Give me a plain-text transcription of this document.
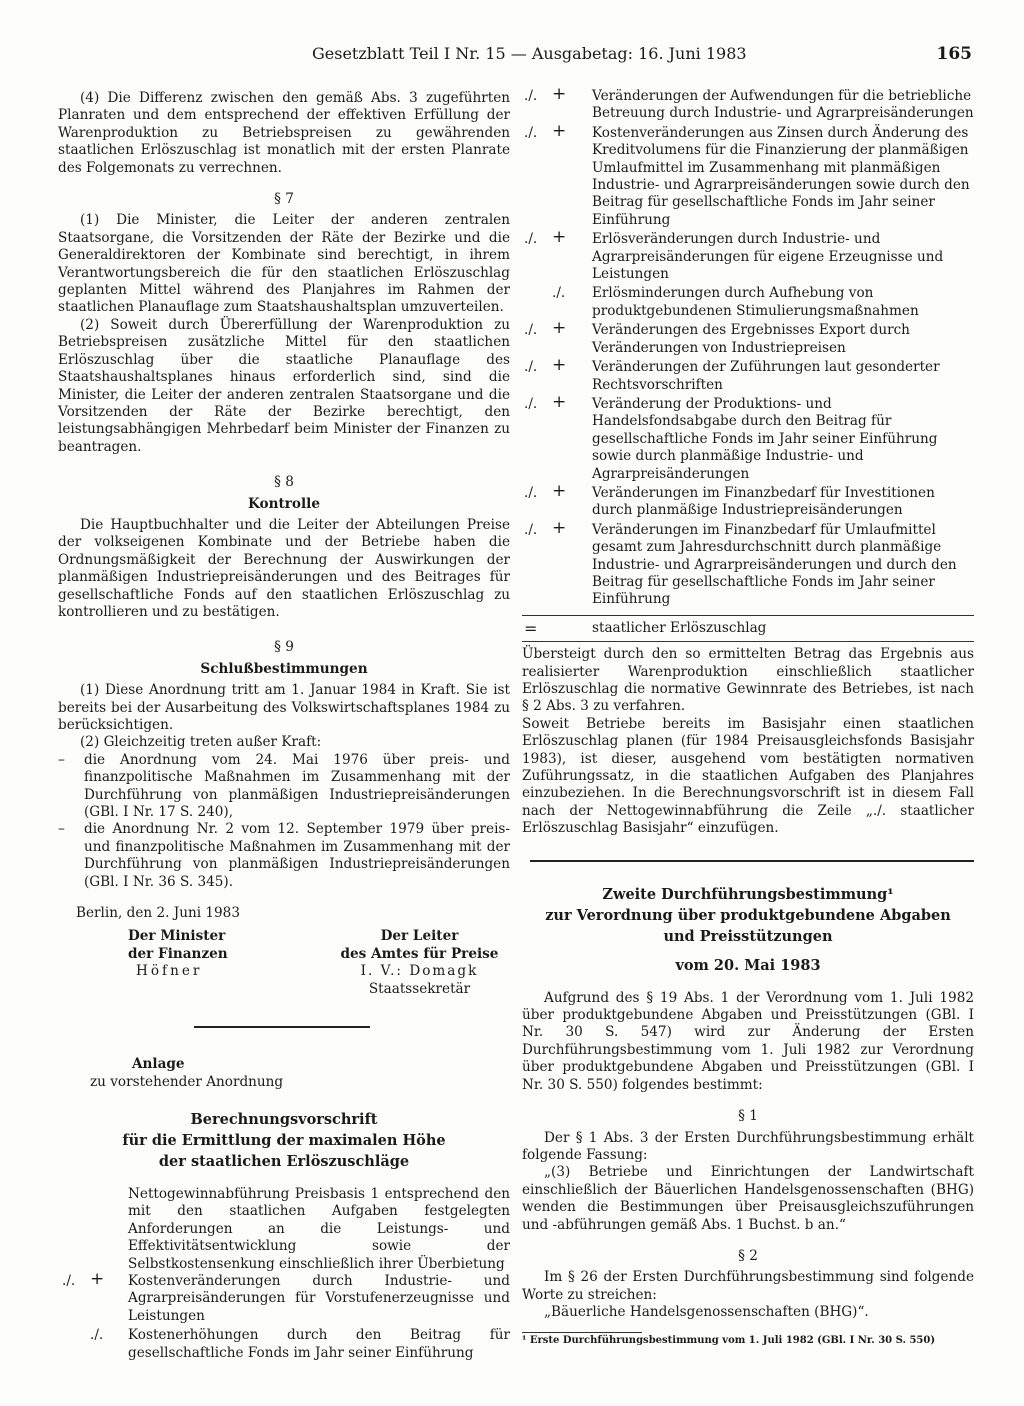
Gesetzblatt Teil I Nr. 15 — Ausgabetag: 16. Juni 1983	165

(4) Die Differenz zwischen den gemäß Abs. 3 zugeführten Planraten und dem entsprechend der effektiven Erfüllung der Warenproduktion zu Betriebspreisen zu gewährenden staatlichen Erlöszuschlag ist monatlich mit der ersten Planrate des Folgemonats zu verrechnen.

§ 7

(1) Die Minister, die Leiter der anderen zentralen Staatsorgane, die Vorsitzenden der Räte der Bezirke und die Generaldirektoren der Kombinate sind berechtigt, in ihrem Verantwortungsbereich die für den staatlichen Erlöszuschlag geplanten Mittel während des Planjahres im Rahmen der staatlichen Planauflage zum Staatshaushaltsplan umzuverteilen.

(2) Soweit durch Übererfüllung der Warenproduktion zu Betriebspreisen zusätzliche Mittel für den staatlichen Erlöszuschlag über die staatliche Planauflage des Staatshaushaltsplanes hinaus erforderlich sind, sind die Minister, die Leiter der anderen zentralen Staatsorgane und die Vorsitzenden der Räte der Bezirke berechtigt, den leistungsabhängigen Mehrbedarf beim Minister der Finanzen zu beantragen.

§ 8

Kontrolle

Die Hauptbuchhalter und die Leiter der Abteilungen Preise der volkseigenen Kombinate und der Betriebe haben die Ordnungsmäßigkeit der Berechnung der Auswirkungen der planmäßigen Industriepreisänderungen und des Beitrages für gesellschaftliche Fonds auf den staatlichen Erlöszuschlag zu kontrollieren und zu bestätigen.

§ 9

Schlußbestimmungen

(1) Diese Anordnung tritt am 1. Januar 1984 in Kraft. Sie ist bereits bei der Ausarbeitung des Volkswirtschaftsplanes 1984 zu berücksichtigen.

(2) Gleichzeitig treten außer Kraft:

–	die Anordnung vom 24. Mai 1976 über preis- und finanzpolitische Maßnahmen im Zusammenhang mit der Durchführung von planmäßigen Industriepreisänderungen (GBl. I Nr. 17 S. 240),
–	die Anordnung Nr. 2 vom 12. September 1979 über preis- und finanzpolitische Maßnahmen im Zusammenhang mit der Durchführung von planmäßigen Industriepreisänderungen (GBl. I Nr. 36 S. 345).

Berlin, den 2. Juni 1983

Der Minister
der Finanzen
Höfner
Der Leiter
des Amtes für Preise
I. V.: Domagk
Staatssekretär

Anlage

zu vorstehender Anordnung

Berechnungsvorschrift
für die Ermittlung der maximalen Höhe
der staatlichen Erlöszuschläge
Nettogewinnabführung Preisbasis 1 entsprechend den mit den staatlichen Aufgaben festgelegten Anforderungen an die Leistungs- und Effektivitätsentwicklung sowie der Selbstkostensenkung einschließlich ihrer Überbietung
./. + Kostenveränderungen durch Industrie- und Agrarpreisänderungen für Vorstufenerzeugnisse und Leistungen
./. Kostenerhöhungen durch den Beitrag für gesellschaftliche Fonds im Jahr seiner Einführung
./. + Veränderungen der Aufwendungen für die betriebliche Betreuung durch Industrie- und Agrarpreisänderungen
./. + Kostenveränderungen aus Zinsen durch Änderung des Kreditvolumens für die Finanzierung der planmäßigen Umlaufmittel im Zusammenhang mit planmäßigen Industrie- und Agrarpreisänderungen sowie durch den Beitrag für gesellschaftliche Fonds im Jahr seiner Einführung
./. + Erlösveränderungen durch Industrie- und Agrarpreisänderungen für eigene Erzeugnisse und Leistungen
./. Erlösminderungen durch Aufhebung von produktgebundenen Stimulierungsmaßnahmen
./. + Veränderungen des Ergebnisses Export durch Veränderungen von Industriepreisen
./. + Veränderungen der Zuführungen laut gesonderter Rechtsvorschriften
./. + Veränderung der Produktions- und Handelsfondsabgabe durch den Beitrag für gesellschaftliche Fonds im Jahr seiner Einführung sowie durch planmäßige Industrie- und Agrarpreisänderungen
./. + Veränderungen im Finanzbedarf für Investitionen durch planmäßige Industriepreisänderungen
./. + Veränderungen im Finanzbedarf für Umlaufmittel gesamt zum Jahresdurchschnitt durch planmäßige Industrie- und Agrarpreisänderungen und durch den Beitrag für gesellschaftliche Fonds im Jahr seiner Einführung
=	staatlicher Erlöszuschlag

Übersteigt durch den so ermittelten Betrag das Ergebnis aus realisierter Warenproduktion einschließlich staatlicher Erlöszuschlag die normative Gewinnrate des Betriebes, ist nach § 2 Abs. 3 zu verfahren.

Soweit Betriebe bereits im Basisjahr einen staatlichen Erlöszuschlag planen (für 1984 Preisausgleichsfonds Basisjahr 1983), ist dieser, ausgehend vom bestätigten normativen Zuführungssatz, in die staatlichen Aufgaben des Planjahres einzubeziehen. In die Berechnungsvorschrift ist in diesem Fall nach der Nettogewinnabführung die Zeile „./. staatlicher Erlöszuschlag Basisjahr“ einzufügen.

Zweite Durchführungsbestimmung¹
zur Verordnung über produktgebundene Abgaben
und Preisstützungen
vom 20. Mai 1983

Aufgrund des § 19 Abs. 1 der Verordnung vom 1. Juli 1982 über produktgebundene Abgaben und Preisstützungen (GBl. I Nr. 30 S. 547) wird zur Änderung der Ersten Durchführungsbestimmung vom 1. Juli 1982 zur Verordnung über produktgebundene Abgaben und Preisstützungen (GBl. I Nr. 30 S. 550) folgendes bestimmt:

§ 1

Der § 1 Abs. 3 der Ersten Durchführungsbestimmung erhält folgende Fassung:

„(3) Betriebe und Einrichtungen der Landwirtschaft einschließlich der Bäuerlichen Handelsgenossenschaften (BHG) wenden die Bestimmungen über Preisausgleichszuführungen und -abführungen gemäß Abs. 1 Buchst. b an.“

§ 2

Im § 26 der Ersten Durchführungsbestimmung sind folgende Worte zu streichen:

„Bäuerliche Handelsgenossenschaften (BHG)“.

¹ Erste Durchführungsbestimmung vom 1. Juli 1982 (GBl. I Nr. 30 S. 550)
